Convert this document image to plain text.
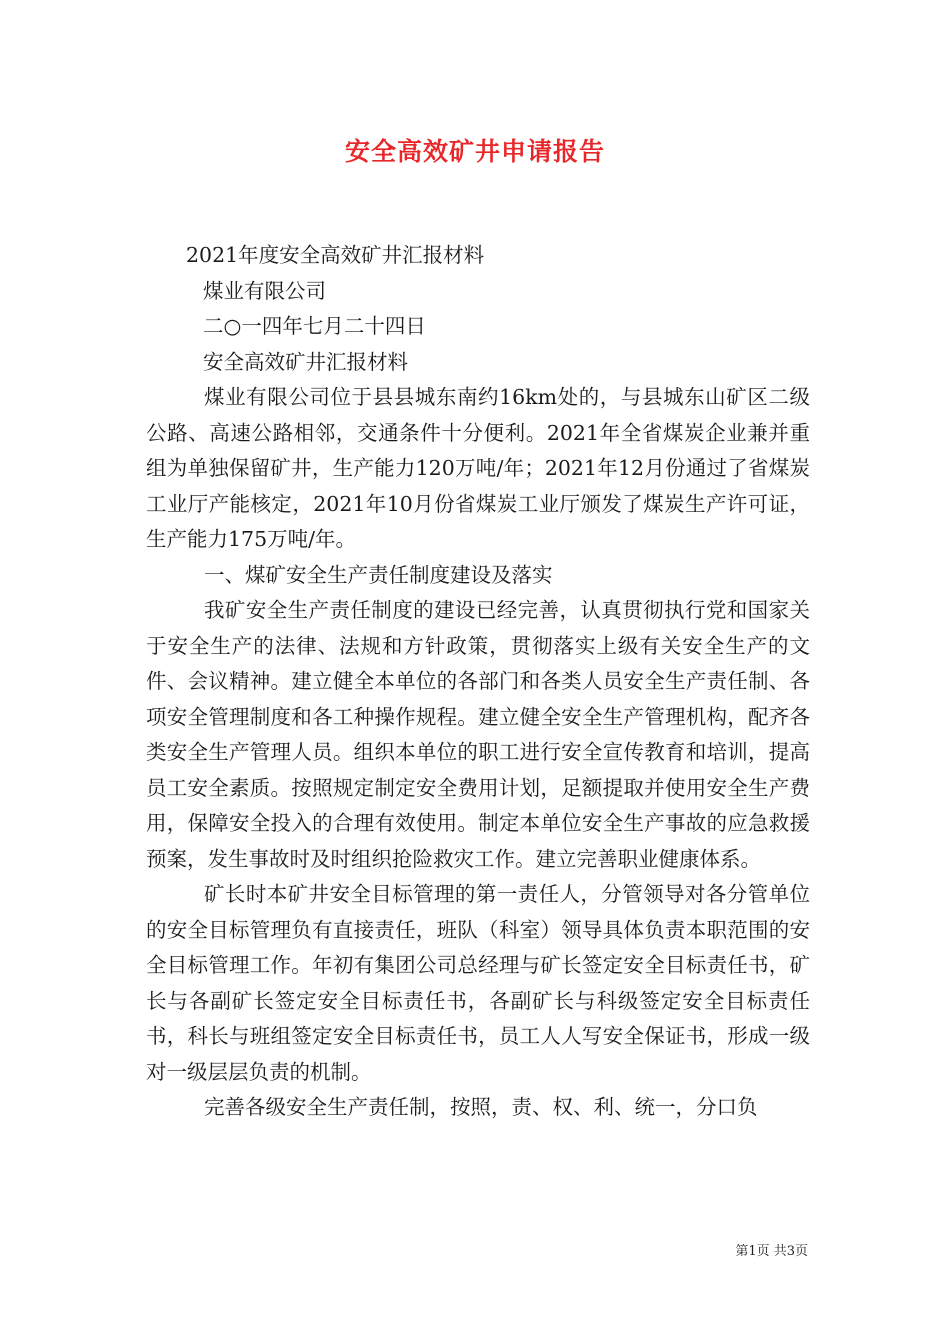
安全高效矿井申请报告
2021年度安全高效矿井汇报材料
煤业有限公司
二○一四年七月二十四日
安全高效矿井汇报材料

煤业有限公司位于县县城东南约16km处的，与县城东山矿区二级公路、高速公路相邻，交通条件十分便利。2021年全省煤炭企业兼并重组为单独保留矿井，生产能力120万吨/年；2021年12月份通过了省煤炭工业厅产能核定，2021年10月份省煤炭工业厅颁发了煤炭生产许可证，生产能力175万吨/年。

一、煤矿安全生产责任制度建设及落实

我矿安全生产责任制度的建设已经完善，认真贯彻执行党和国家关于安全生产的法律、法规和方针政策，贯彻落实上级有关安全生产的文件、会议精神。建立健全本单位的各部门和各类人员安全生产责任制、各项安全管理制度和各工种操作规程。建立健全安全生产管理机构，配齐各类安全生产管理人员。组织本单位的职工进行安全宣传教育和培训，提高员工安全素质。按照规定制定安全费用计划，足额提取并使用安全生产费用，保障安全投入的合理有效使用。制定本单位安全生产事故的应急救援预案，发生事故时及时组织抢险救灾工作。建立完善职业健康体系。

矿长时本矿井安全目标管理的第一责任人，分管领导对各分管单位的安全目标管理负有直接责任，班队（科室）领导具体负责本职范围的安全目标管理工作。年初有集团公司总经理与矿长签定安全目标责任书，矿长与各副矿长签定安全目标责任书，各副矿长与科级签定安全目标责任书，科长与班组签定安全目标责任书，员工人人写安全保证书，形成一级对一级层层负责的机制。

完善各级安全生产责任制，按照，责、权、利、统一，分口负

第1页 共3页
